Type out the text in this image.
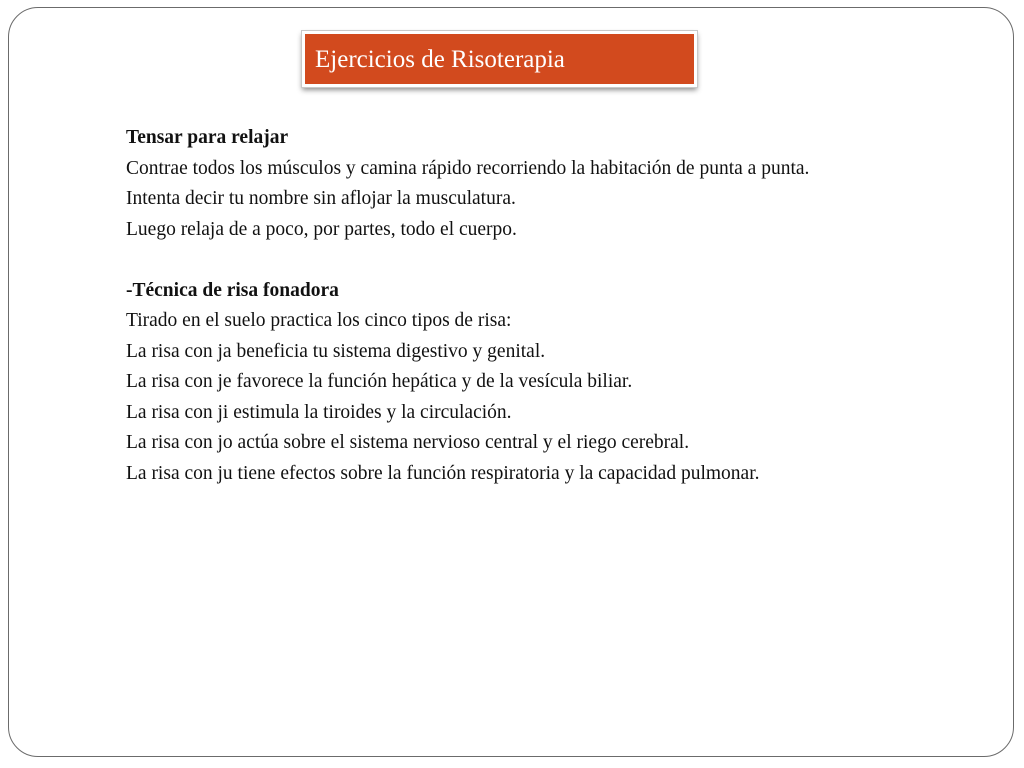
Ejercicios de Risoterapia
Tensar para relajar
Contrae todos los músculos y camina rápido recorriendo la habitación de punta a punta.
Intenta decir tu nombre sin aflojar la musculatura.
Luego relaja de a poco, por partes, todo el cuerpo.
-Técnica de risa fonadora
Tirado en el suelo practica los cinco tipos de risa:
La risa con ja beneficia tu sistema digestivo y genital.
La risa con je favorece la función hepática y de la vesícula biliar.
La risa con ji estimula la tiroides y la circulación.
La risa con jo actúa sobre el sistema nervioso central y el riego cerebral.
La risa con ju tiene efectos sobre la función respiratoria y la capacidad pulmonar.
